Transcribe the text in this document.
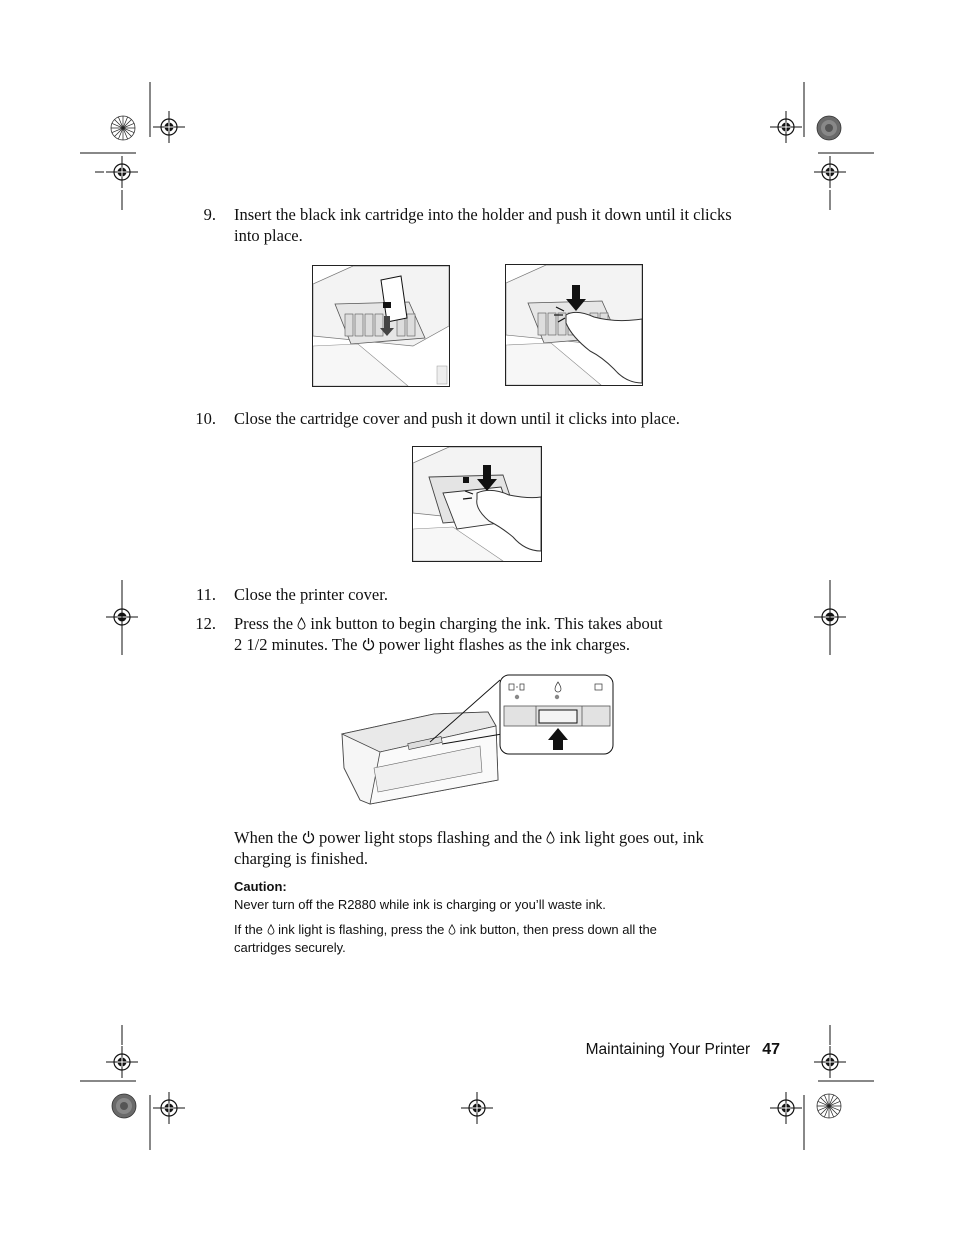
9. Insert the black ink cartridge into the holder and push it down until it clicks into place.
10. Close the cartridge cover and push it down until it clicks into place.
11. Close the printer cover.
12. Press the ink button to begin charging the ink. This takes about
2 1/2 minutes. The power light flashes as the ink charges.
When the power light stops flashing and the ink light goes out, ink
charging is finished.
Caution:
Never turn off the R2880 while ink is charging or you’ll waste ink.
If the ink light is flashing, press the ink button, then press down all the
cartridges securely.
Maintaining Your Printer 47
